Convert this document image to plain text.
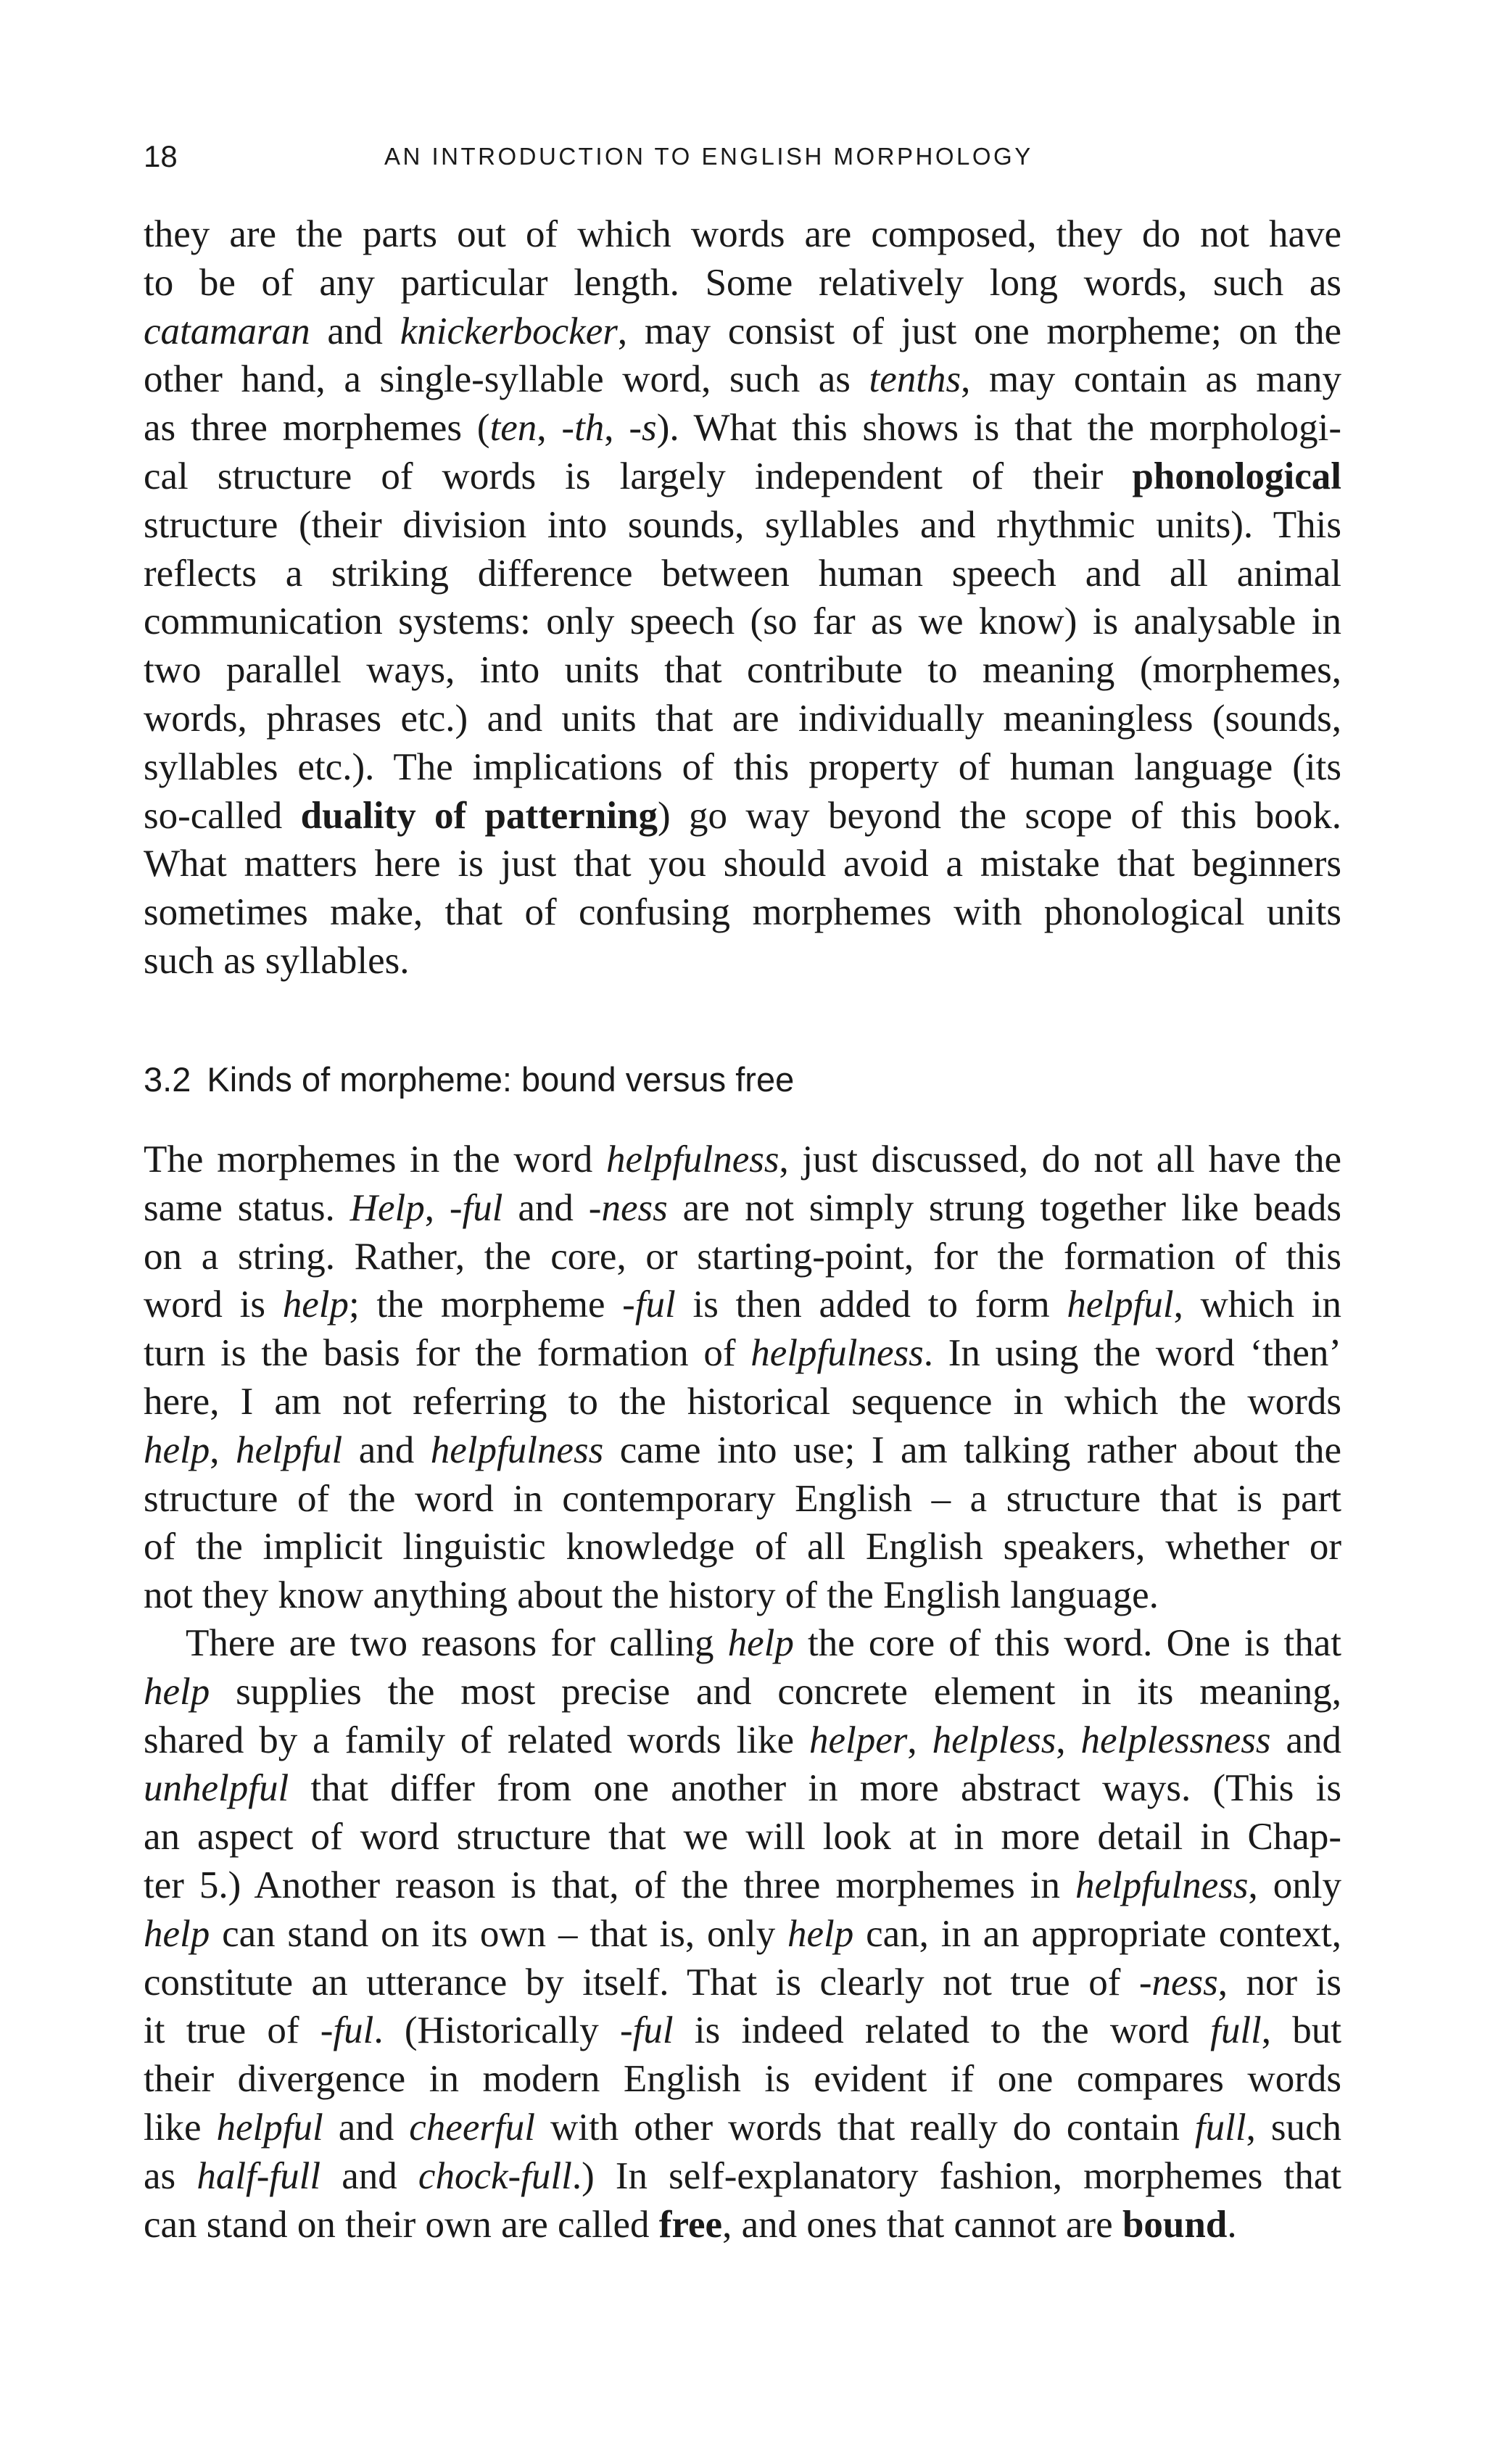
18	AN INTRODUCTION TO ENGLISH MORPHOLOGY
they are the parts out of which words are composed, they do not have
to be of any particular length. Some relatively long words, such as
catamaran and knickerbocker, may consist of just one morpheme; on the
other hand, a single-syllable word, such as tenths, may contain as many
as three morphemes (ten, -th, -s). What this shows is that the morphologi-
cal structure of words is largely independent of their phonological
structure (their division into sounds, syllables and rhythmic units). This
reflects a striking difference between human speech and all animal
communication systems: only speech (so far as we know) is analysable in
two parallel ways, into units that contribute to meaning (morphemes,
words, phrases etc.) and units that are individually meaningless (sounds,
syllables etc.). The implications of this property of human language (its
so-called duality of patterning) go way beyond the scope of this book.
What matters here is just that you should avoid a mistake that beginners
sometimes make, that of confusing morphemes with phonological units
such as syllables.
3.2 Kinds of morpheme: bound versus free
The morphemes in the word helpfulness, just discussed, do not all have the
same status. Help, -ful and -ness are not simply strung together like beads
on a string. Rather, the core, or starting-point, for the formation of this
word is help; the morpheme -ful is then added to form helpful, which in
turn is the basis for the formation of helpfulness. In using the word ‘then’
here, I am not referring to the historical sequence in which the words
help, helpful and helpfulness came into use; I am talking rather about the
structure of the word in contemporary English – a structure that is part
of the implicit linguistic knowledge of all English speakers, whether or
not they know anything about the history of the English language.
There are two reasons for calling help the core of this word. One is that
help supplies the most precise and concrete element in its meaning,
shared by a family of related words like helper, helpless, helplessness and
unhelpful that differ from one another in more abstract ways. (This is
an aspect of word structure that we will look at in more detail in Chap-
ter 5.) Another reason is that, of the three morphemes in helpfulness, only
help can stand on its own – that is, only help can, in an appropriate context,
constitute an utterance by itself. That is clearly not true of -ness, nor is
it true of -ful. (Historically -ful is indeed related to the word full, but
their divergence in modern English is evident if one compares words
like helpful and cheerful with other words that really do contain full, such
as half-full and chock-full.) In self-explanatory fashion, morphemes that
can stand on their own are called free, and ones that cannot are bound.
